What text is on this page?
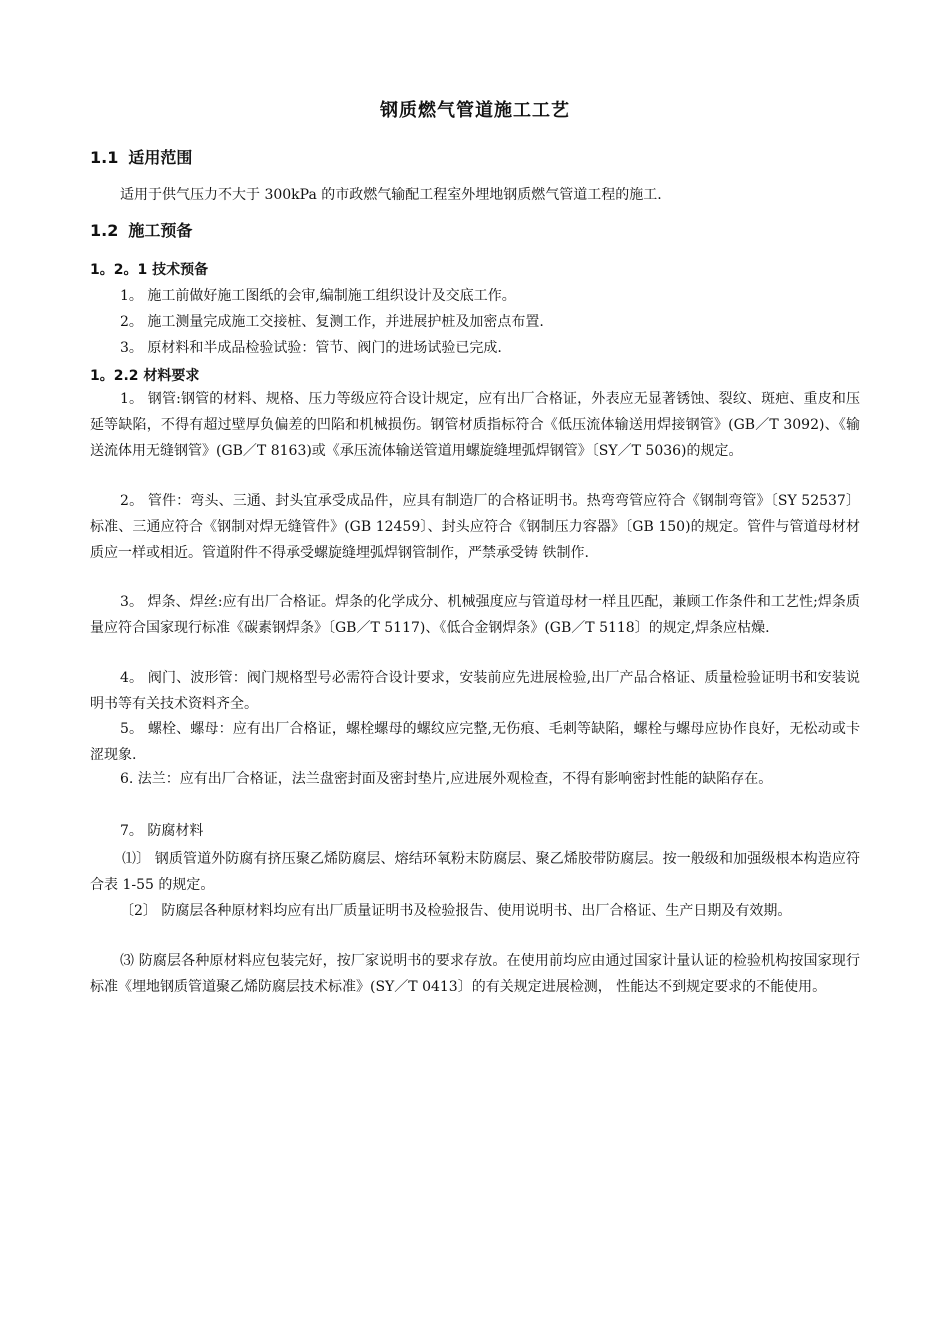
钢质燃气管道施工工艺
1.1 适用范围
适用于供气压力不大于 300kPa 的市政燃气输配工程室外埋地钢质燃气管道工程的施工.
1.2 施工预备
1。2。1 技术预备
1。 施工前做好施工图纸的会审,编制施工组织设计及交底工作。
2。 施工测量完成施工交接桩、复测工作，并进展护桩及加密点布置.
3。 原材料和半成品检验试验：管节、阀门的进场试验已完成.
1。2.2 材料要求
1。 钢管:钢管的材料、规格、压力等级应符合设计规定，应有出厂合格证，外表应无显著锈蚀、裂纹、斑疤、重皮和压延等缺陷，不得有超过壁厚负偏差的凹陷和机械损伤。钢管材质指标符合《低压流体输送用焊接钢管》(GB／T 3092)、《输送流体用无缝钢管》(GB／T 8163)或《承压流体输送管道用螺旋缝埋弧焊钢管》〔SY／T 5036)的规定。
2。 管件：弯头、三通、封头宜承受成品件，应具有制造厂的合格证明书。热弯弯管应符合《钢制弯管》〔SY 52537〕标准、三通应符合《钢制对焊无缝管件》(GB 12459〕、封头应符合《钢制压力容器》〔GB 150)的规定。管件与管道母材材质应一样或相近。管道附件不得承受螺旋缝埋弧焊钢管制作，严禁承受铸 铁制作.
3。 焊条、焊丝:应有出厂合格证。焊条的化学成分、机械强度应与管道母材一样且匹配，兼顾工作条件和工艺性;焊条质量应符合国家现行标准《碳素钢焊条》〔GB／T 5117)、《低合金钢焊条》(GB／T 5118〕的规定,焊条应枯燥.
4。 阀门、波形管：阀门规格型号必需符合设计要求，安装前应先进展检验,出厂产品合格证、质量检验证明书和安装说明书等有关技术资料齐全。
5。 螺栓、螺母：应有出厂合格证，螺栓螺母的螺纹应完整,无伤痕、毛刺等缺陷，螺栓与螺母应协作良好，无松动或卡涩现象.
6. 法兰：应有出厂合格证，法兰盘密封面及密封垫片,应进展外观检查，不得有影响密封性能的缺陷存在。
7。 防腐材料
⑴〕 钢质管道外防腐有挤压聚乙烯防腐层、熔结环氧粉末防腐层、聚乙烯胶带防腐层。按一般级和加强级根本构造应符合表 1-55 的规定。
〔2〕 防腐层各种原材料均应有出厂质量证明书及检验报告、使用说明书、出厂合格证、生产日期及有效期。
⑶ 防腐层各种原材料应包装完好，按厂家说明书的要求存放。在使用前均应由通过国家计量认证的检验机构按国家现行标准《埋地钢质管道聚乙烯防腐层技术标准》(SY／T 0413〕的有关规定进展检测， 性能达不到规定要求的不能使用。
